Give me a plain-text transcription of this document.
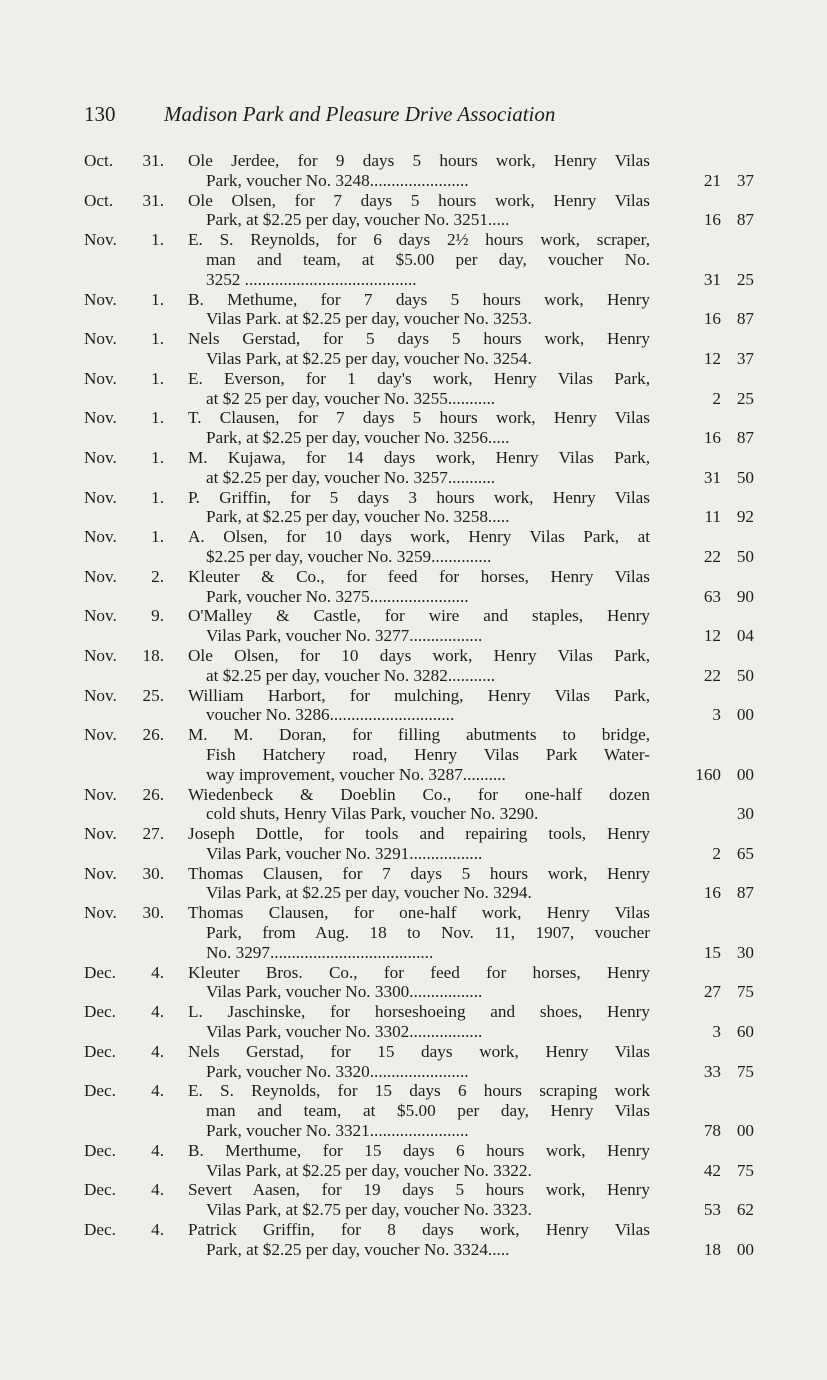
130 Madison Park and Pleasure Drive Association
Oct.	31. Ole Jerdee, for 9 days 5 hours work, Henry Vilas
Park, voucher No. 3248.......................	21 37
Oct.	31. Ole Olsen, for 7 days 5 hours work, Henry Vilas
Park, at $2.25 per day, voucher No. 3251.....	16 87
Nov.	1. E. S. Reynolds, for 6 days 2½ hours work, scraper,
man and team, at $5.00 per day, voucher No.
3252 ........................................	31 25
Nov.	1. B. Methume, for 7 days 5 hours work, Henry
Vilas Park. at $2.25 per day, voucher No. 3253.	16 87
Nov.	1. Nels Gerstad, for 5 days 5 hours work, Henry
Vilas Park, at $2.25 per day, voucher No. 3254.	12 37
Nov.	1. E. Everson, for 1 day's work, Henry Vilas Park,
at $2 25 per day, voucher No. 3255...........	2 25
Nov.	1. T. Clausen, for 7 days 5 hours work, Henry Vilas
Park, at $2.25 per day, voucher No. 3256.....	16 87
Nov.	1. M. Kujawa, for 14 days work, Henry Vilas Park,
at $2.25 per day, voucher No. 3257...........	31 50
Nov.	1. P. Griffin, for 5 days 3 hours work, Henry Vilas
Park, at $2.25 per day, voucher No. 3258.....	11 92
Nov.	1. A. Olsen, for 10 days work, Henry Vilas Park, at
$2.25 per day, voucher No. 3259..............	22 50
Nov.	2. Kleuter & Co., for feed for horses, Henry Vilas
Park, voucher No. 3275.......................	63 90
Nov.	9. O'Malley & Castle, for wire and staples, Henry
Vilas Park, voucher No. 3277.................	12 04
Nov.	18. Ole Olsen, for 10 days work, Henry Vilas Park,
at $2.25 per day, voucher No. 3282...........	22 50
Nov.	25. William Harbort, for mulching, Henry Vilas Park,
voucher No. 3286.............................	3 00
Nov.	26. M. M. Doran, for filling abutments to bridge,
Fish Hatchery road, Henry Vilas Park Water-
way improvement, voucher No. 3287..........	160 00
Nov.	26. Wiedenbeck & Doeblin Co., for one-half dozen
cold shuts, Henry Vilas Park, voucher No. 3290.	30
Nov.	27. Joseph Dottle, for tools and repairing tools, Henry
Vilas Park, voucher No. 3291.................	2 65
Nov.	30. Thomas Clausen, for 7 days 5 hours work, Henry
Vilas Park, at $2.25 per day, voucher No. 3294.	16 87
Nov.	30. Thomas Clausen, for one-half work, Henry Vilas
Park, from Aug. 18 to Nov. 11, 1907, voucher
No. 3297......................................	15 30
Dec.	4. Kleuter Bros. Co., for feed for horses, Henry
Vilas Park, voucher No. 3300.................	27 75
Dec.	4. L. Jaschinske, for horseshoeing and shoes, Henry
Vilas Park, voucher No. 3302.................	3 60
Dec.	4. Nels Gerstad, for 15 days work, Henry Vilas
Park, voucher No. 3320.......................	33 75
Dec.	4. E. S. Reynolds, for 15 days 6 hours scraping work
man and team, at $5.00 per day, Henry Vilas
Park, voucher No. 3321.......................	78 00
Dec.	4. B. Merthume, for 15 days 6 hours work, Henry
Vilas Park, at $2.25 per day, voucher No. 3322.	42 75
Dec.	4. Severt Aasen, for 19 days 5 hours work, Henry
Vilas Park, at $2.75 per day, voucher No. 3323.	53 62
Dec.	4. Patrick Griffin, for 8 days work, Henry Vilas
Park, at $2.25 per day, voucher No. 3324.....	18 00
